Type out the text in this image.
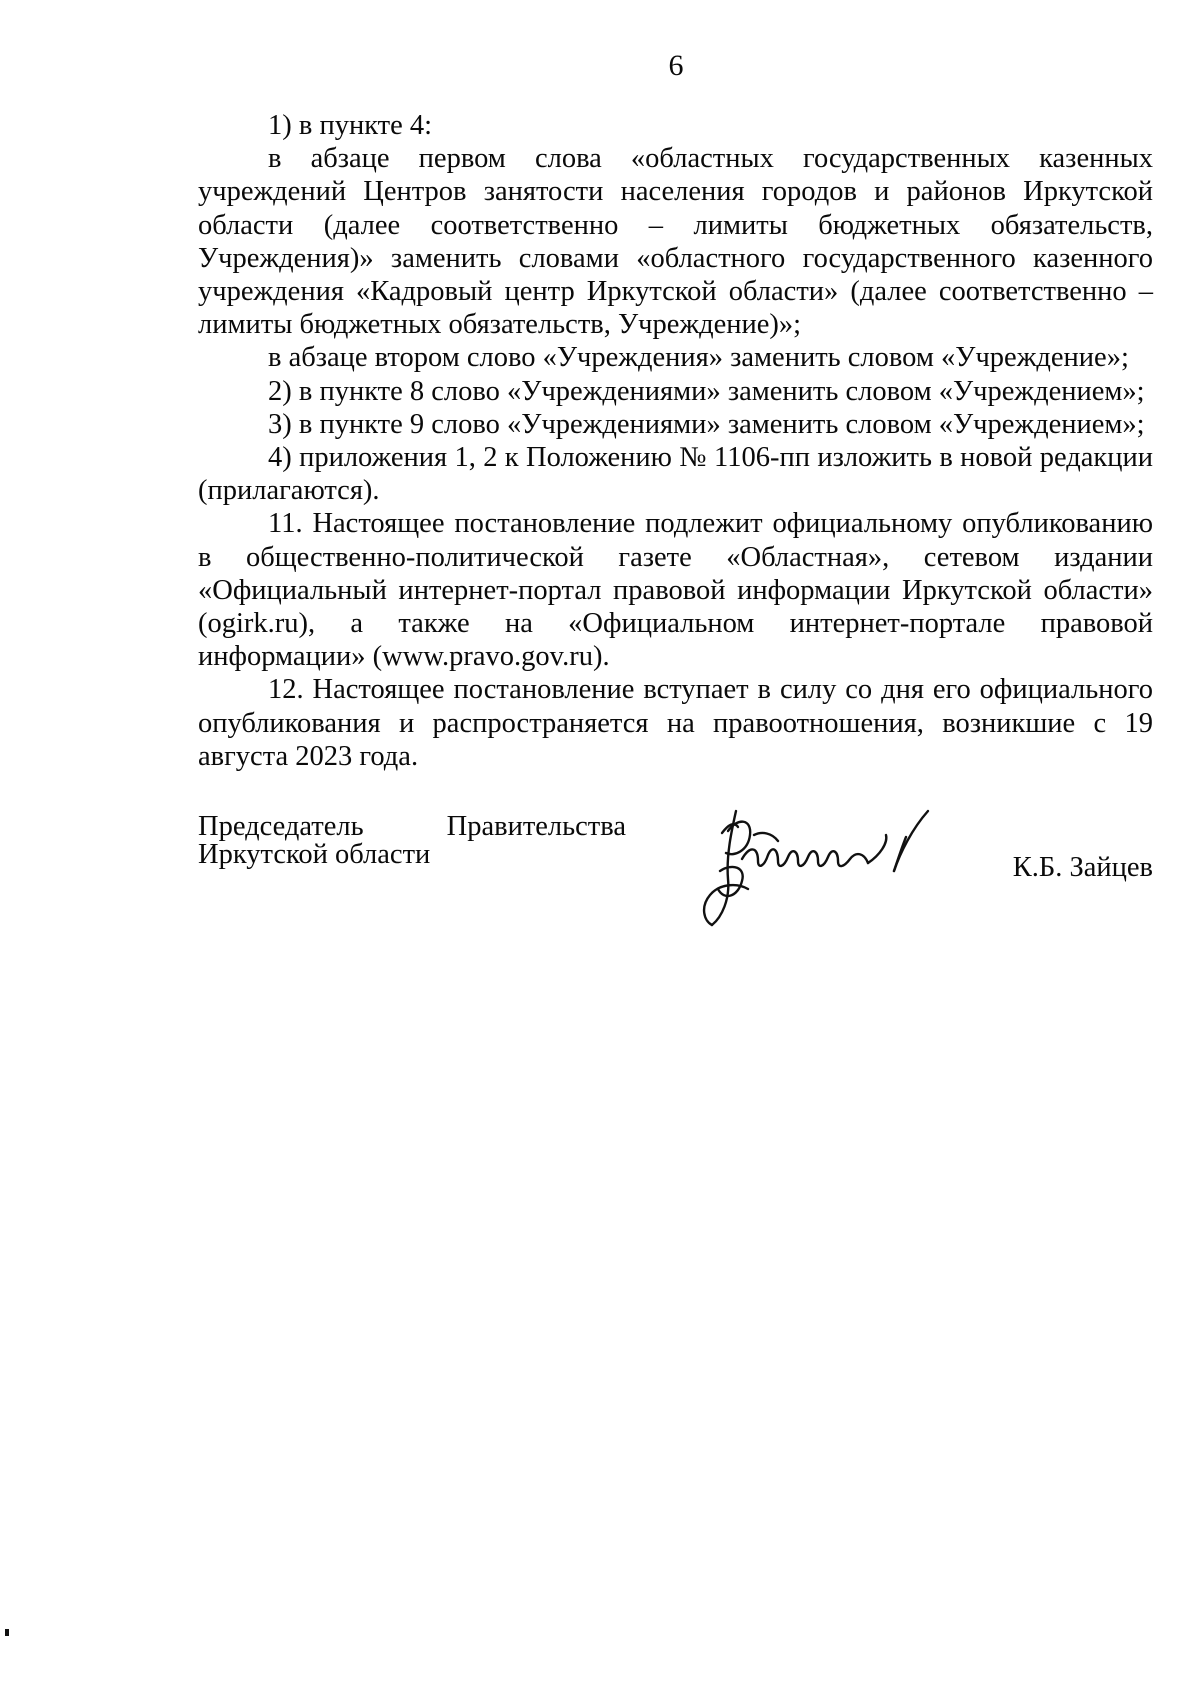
6

1) в пункте 4:

в абзаце первом слова «областных государственных казенных учреждений Центров занятости населения городов и районов Иркутской области (далее соответственно – лимиты бюджетных обязательств, Учреждения)» заменить словами «областного государственного казенного учреждения «Кадровый центр Иркутской области» (далее соответственно – лимиты бюджетных обязательств, Учреждение)»;

в абзаце втором слово «Учреждения» заменить словом «Учреждение»;

2) в пункте 8 слово «Учреждениями» заменить словом «Учреждением»;

3) в пункте 9 слово «Учреждениями» заменить словом «Учреждением»;

4) приложения 1, 2 к Положению № 1106-пп изложить в новой редакции (прилагаются).

11. Настоящее постановление подлежит официальному опубликованию в общественно-политической газете «Областная», сетевом издании «Официальный интернет-портал правовой информации Иркутской области» (ogirk.ru), а также на «Официальном интернет-портале правовой информации» (www.pravo.gov.ru).

12. Настоящее постановление вступает в силу со дня его официального опубликования и распространяется на правоотношения, возникшие с 19 августа 2023 года.

Председатель	Правительства
Иркутской области	К.Б. Зайцев
